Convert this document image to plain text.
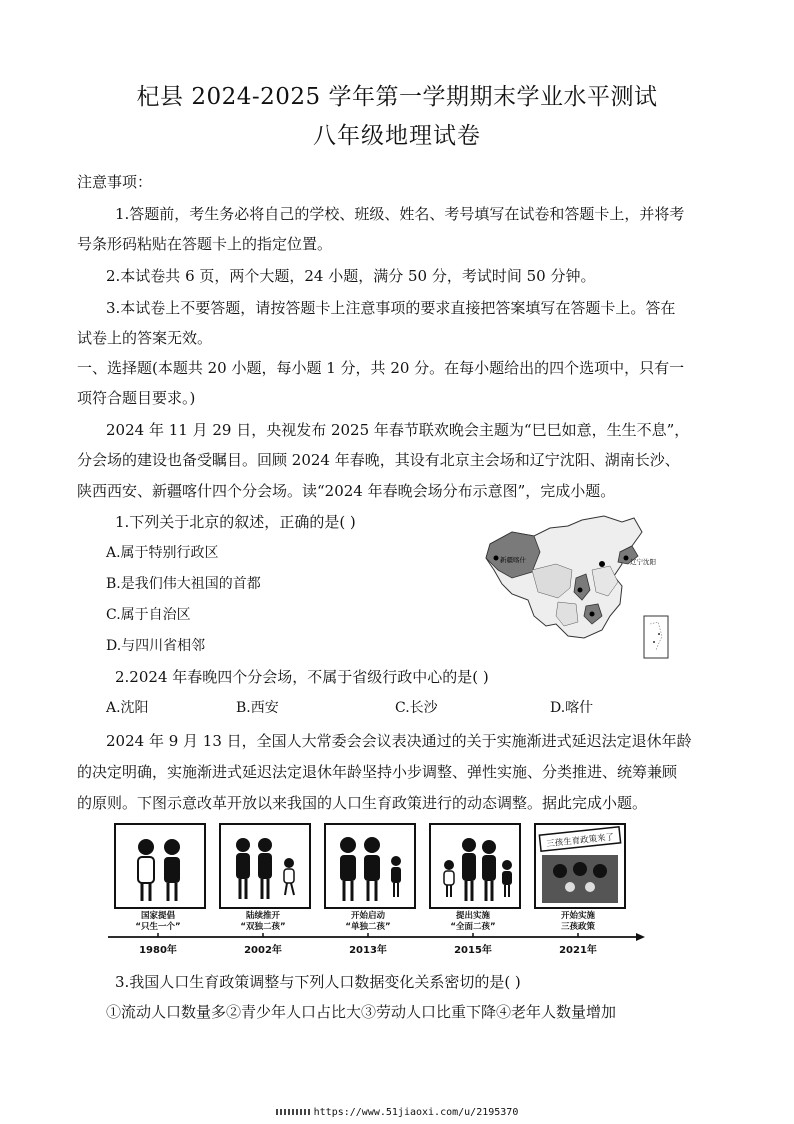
杞县 2024-2025 学年第一学期期末学业水平测试
八年级地理试卷
注意事项：
1.答题前，考生务必将自己的学校、班级、姓名、考号填写在试卷和答题卡上，并将考
号条形码粘贴在答题卡上的指定位置。
2.本试卷共 6 页，两个大题，24 小题，满分 50 分，考试时间 50 分钟。
3.本试卷上不要答题，请按答题卡上注意事项的要求直接把答案填写在答题卡上。答在
试卷上的答案无效。
一、选择题(本题共 20 小题，每小题 1 分，共 20 分。在每小题给出的四个选项中，只有一
项符合题目要求。)
2024 年 11 月 29 日，央视发布 2025 年春节联欢晚会主题为“巳巳如意，生生不息”，
分会场的建设也备受瞩目。回顾 2024 年春晚，其设有北京主会场和辽宁沈阳、湖南长沙、
陕西西安、新疆喀什四个分会场。读“2024 年春晚会场分布示意图”，完成小题。
1.下列关于北京的叙述，正确的是( )
A.属于特别行政区
B.是我们伟大祖国的首都
C.属于自治区
D.与四川省相邻
新疆喀什	辽宁沈阳
2.2024 年春晚四个分会场，不属于省级行政中心的是( )
A.沈阳	B.西安	C.长沙	D.喀什
2024 年 9 月 13 日，全国人大常委会会议表决通过的关于实施渐进式延迟法定退休年龄
的决定明确，实施渐进式延迟法定退休年龄坚持小步调整、弹性实施、分类推进、统筹兼顾
的原则。下图示意改革开放以来我国的人口生育政策进行的动态调整。据此完成小题。
三孩生育政策来了
国家提倡
“只生一个”
陆续推开
“双独二孩”
开始启动
“单独二孩”
提出实施
“全面二孩”
开始实施
三孩政策
1980年	2002年	2013年	2015年	2021年
3.我国人口生育政策调整与下列人口数据变化关系密切的是( )
①流动人口数量多②青少年人口占比大③劳动人口比重下降④老年人数量增加
https://www.51jiaoxi.com/u/2195370
